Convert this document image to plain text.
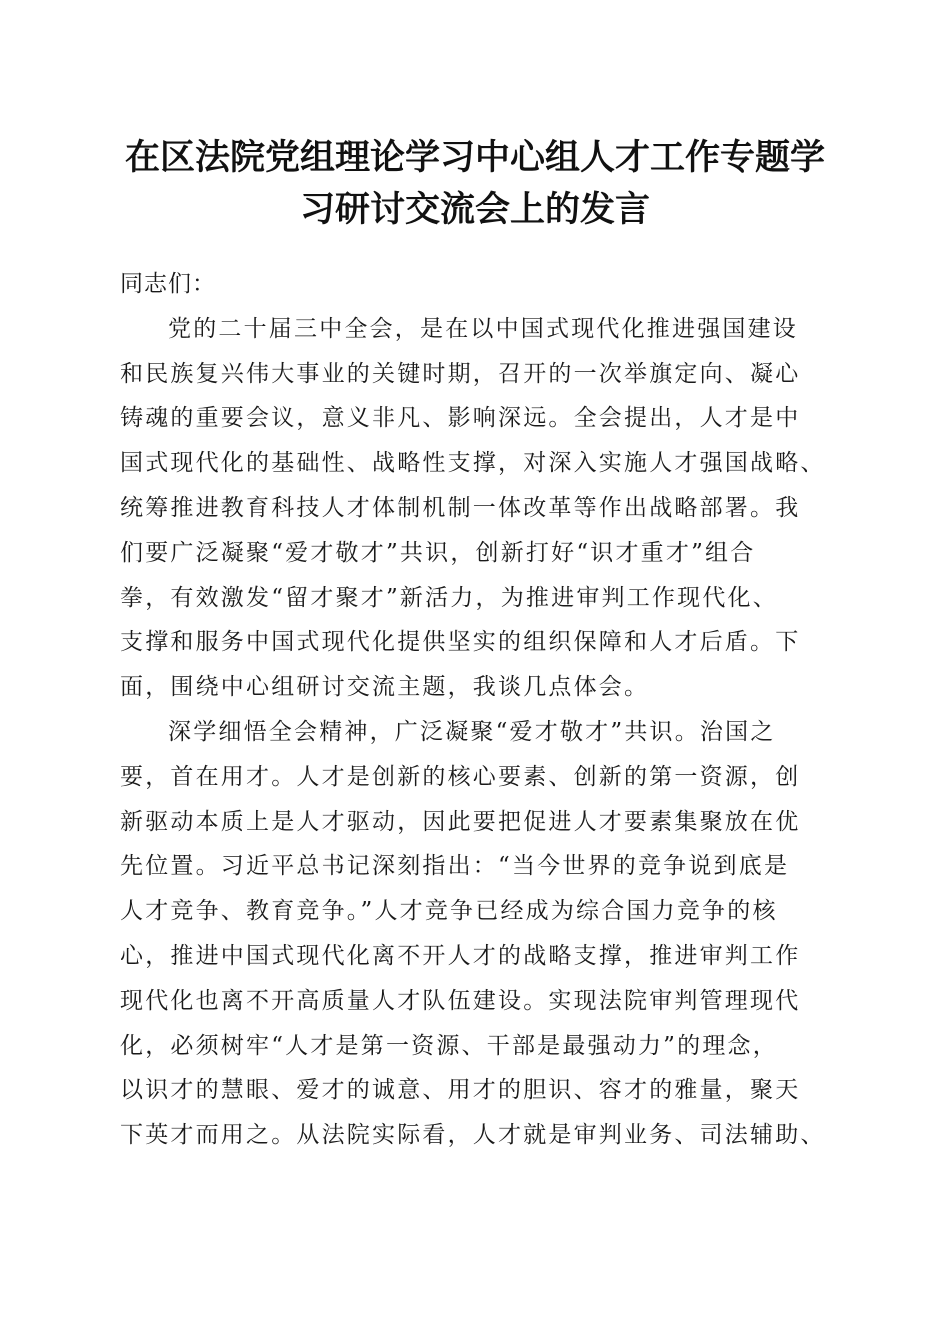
在区法院党组理论学习中心组人才工作专题学
习研讨交流会上的发言
同志们：
党的二十届三中全会，是在以中国式现代化推进强国建设
和民族复兴伟大事业的关键时期，召开的一次举旗定向、凝心
铸魂的重要会议，意义非凡、影响深远。全会提出，人才是中
国式现代化的基础性、战略性支撑，对深入实施人才强国战略、
统筹推进教育科技人才体制机制一体改革等作出战略部署。我
们要广泛凝聚“爱才敬才”共识，创新打好“识才重才”组合
拳，有效激发“留才聚才”新活力，为推进审判工作现代化、
支撑和服务中国式现代化提供坚实的组织保障和人才后盾。下
面，围绕中心组研讨交流主题，我谈几点体会。
深学细悟全会精神，广泛凝聚“爱才敬才”共识。治国之
要，首在用才。人才是创新的核心要素、创新的第一资源，创
新驱动本质上是人才驱动，因此要把促进人才要素集聚放在优
先位置。习近平总书记深刻指出：“当今世界的竞争说到底是
人才竞争、教育竞争。”人才竞争已经成为综合国力竞争的核
心，推进中国式现代化离不开人才的战略支撑，推进审判工作
现代化也离不开高质量人才队伍建设。实现法院审判管理现代
化，必须树牢“人才是第一资源、干部是最强动力”的理念，
以识才的慧眼、爱才的诚意、用才的胆识、容才的雅量，聚天
下英才而用之。从法院实际看，人才就是审判业务、司法辅助、
